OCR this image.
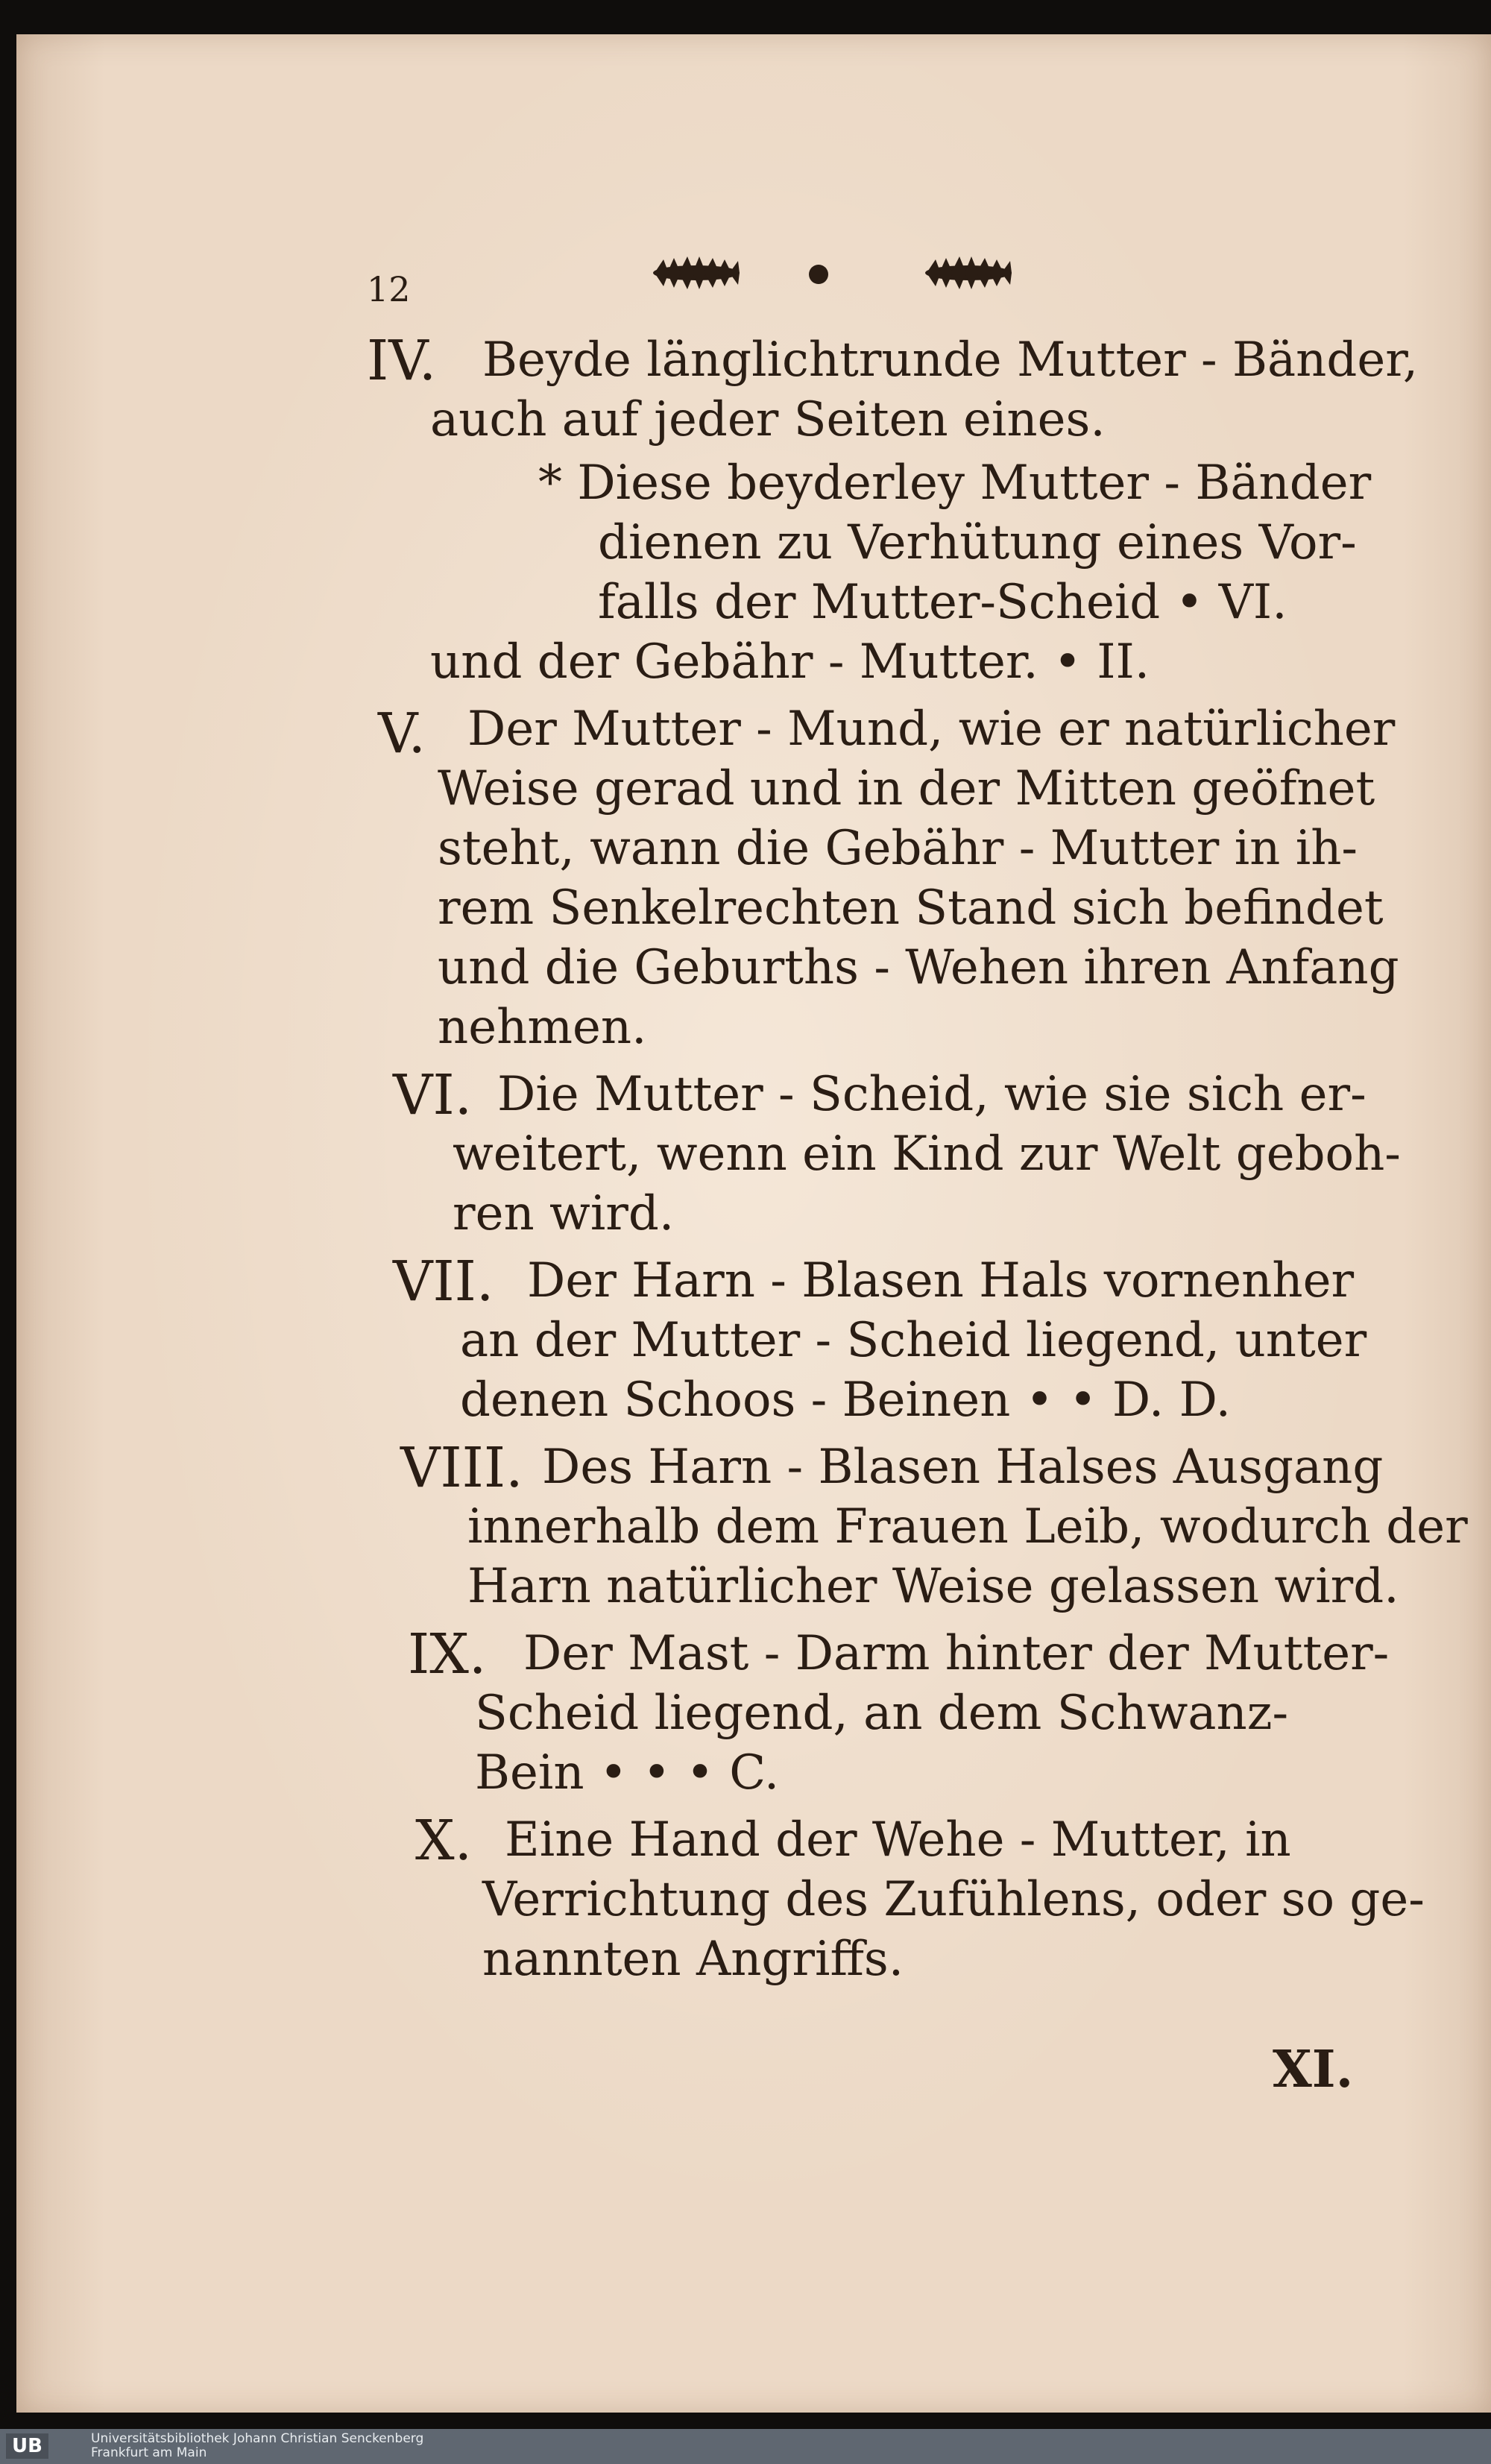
12
IV. Beyde länglichtrunde Mutter - Bänder,
auch auf jeder Seiten eines.
* Diese beyderley Mutter - Bänder
dienen zu Verhütung eines Vor-
falls der Mutter-Scheid • VI.
und der Gebähr - Mutter. • II.
V. Der Mutter - Mund, wie er natürlicher
Weise gerad und in der Mitten geöfnet
steht, wann die Gebähr - Mutter in ih-
rem Senkelrechten Stand sich befindet
und die Geburths - Wehen ihren Anfang
nehmen.
VI. Die Mutter - Scheid, wie sie sich er-
weitert, wenn ein Kind zur Welt geboh-
ren wird.
VII. Der Harn - Blasen Hals vornenher
an der Mutter - Scheid liegend, unter
denen Schoos - Beinen • • D. D.
VIII. Des Harn - Blasen Halses Ausgang
innerhalb dem Frauen Leib, wodurch der
Harn natürlicher Weise gelassen wird.
IX. Der Mast - Darm hinter der Mutter-
Scheid liegend, an dem Schwanz-
Bein • • • C.
X. Eine Hand der Wehe - Mutter, in
Verrichtung des Zufühlens, oder so ge-
nannten Angriffs.
XI.
UB	Universitätsbibliothek Johann Christian Senckenberg
Frankfurt am Main
